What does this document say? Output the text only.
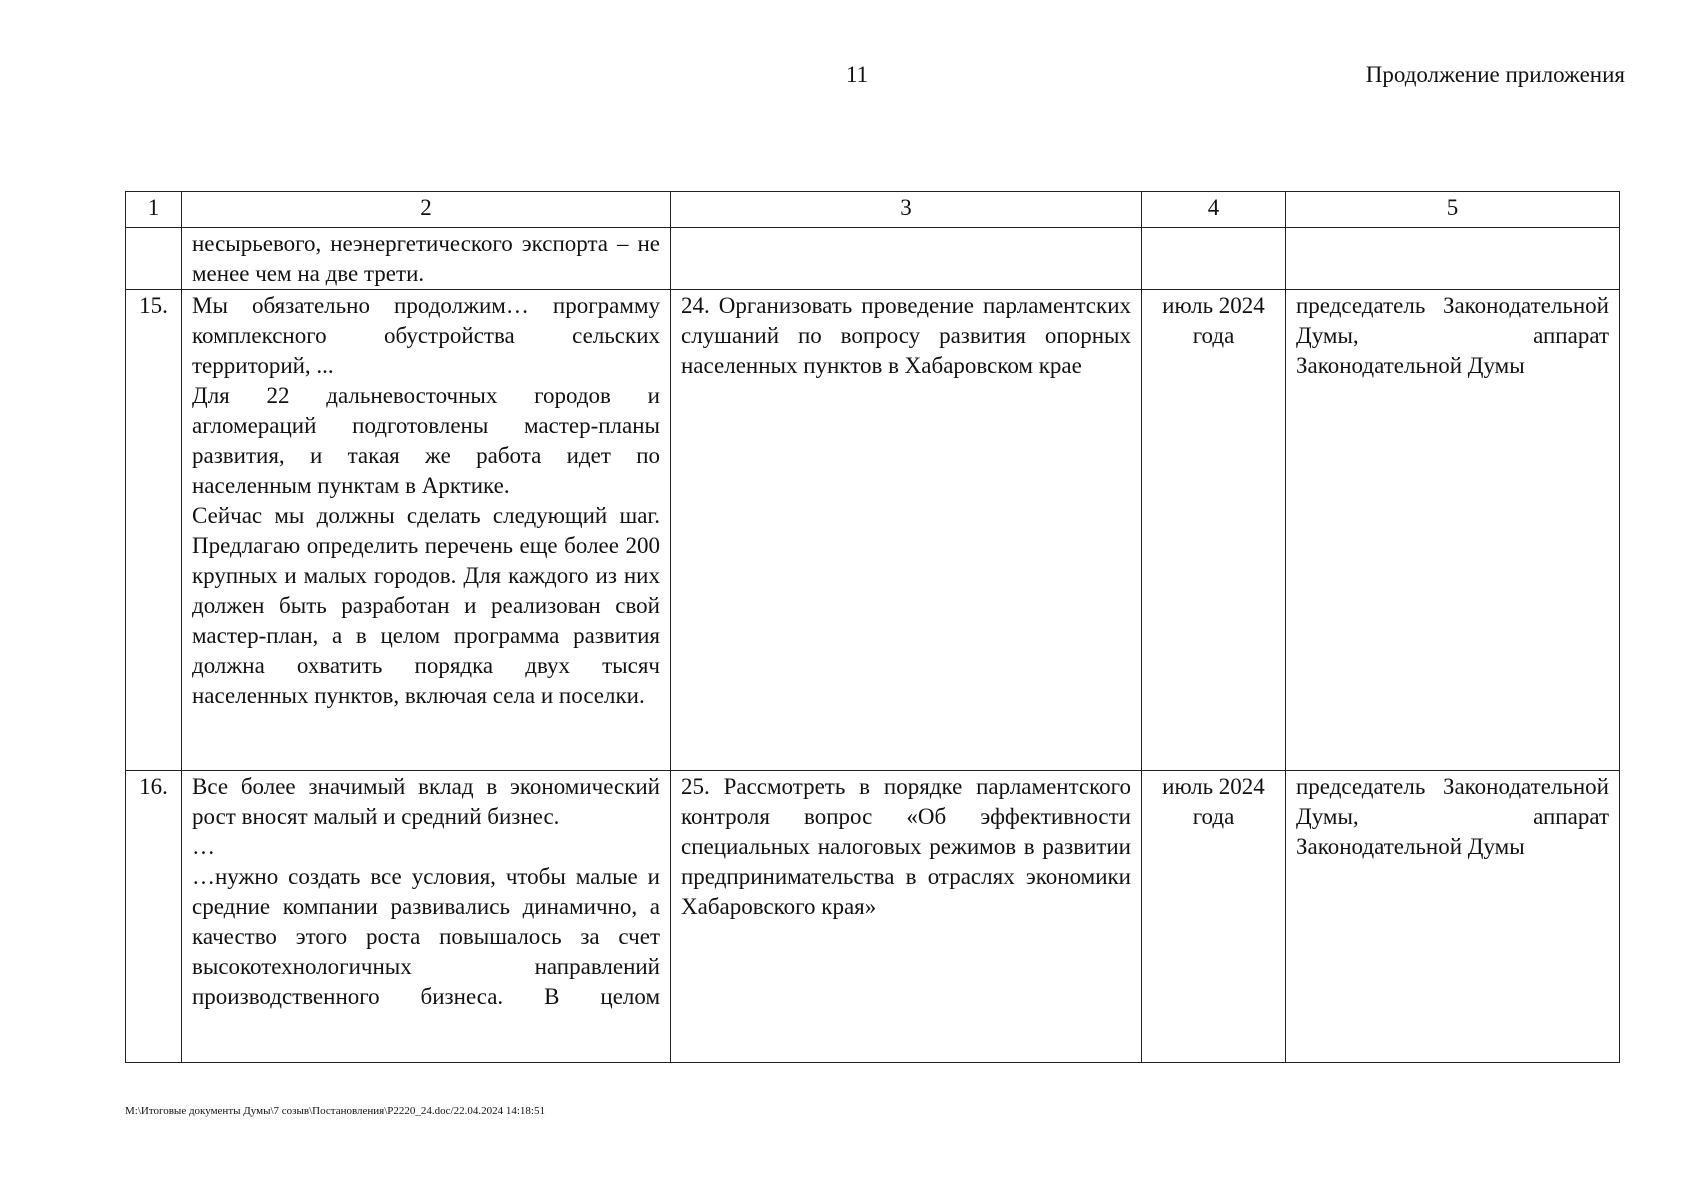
11	Продолжение приложения
1	2	3	4	5

	несырьевого, неэнергетического экспорта – не менее чем на две трети.			

15.	Мы обязательно продолжим… программу комплексного обустройства сельских территорий, ...
Для 22 дальневосточных городов и агломераций подготовлены мастер-планы развития, и такая же работа идет по населенным пунктам в Арктике.
Сейчас мы должны сделать следующий шаг. Предлагаю определить перечень еще более 200 крупных и малых городов. Для каждого из них должен быть разработан и реализован свой мастер-план, а в целом программа развития должна охватить порядка двух тысяч населенных пунктов, включая села и поселки.	24. Организовать проведение парламентских слушаний по вопросу развития опорных населенных пунктов в Хабаровском крае	июль 2024 года	председатель Законодательной Думы, аппарат Законодательной Думы
16.	Все более значимый вклад в экономический рост вносят малый и средний бизнес.
…
…нужно создать все условия, чтобы малые и средние компании развивались динамично, а качество этого роста повышалось за счет высокотехнологичных направлений производственного бизнеса. В целом	25. Рассмотреть в порядке парламентского контроля вопрос «Об эффективности специальных налоговых режимов в развитии предпринимательства в отраслях экономики Хабаровского края»	июль 2024 года	председатель Законодательной Думы, аппарат Законодательной Думы
M:\Итоговые документы Думы\7 созыв\Постановления\P2220_24.doc/22.04.2024 14:18:51
